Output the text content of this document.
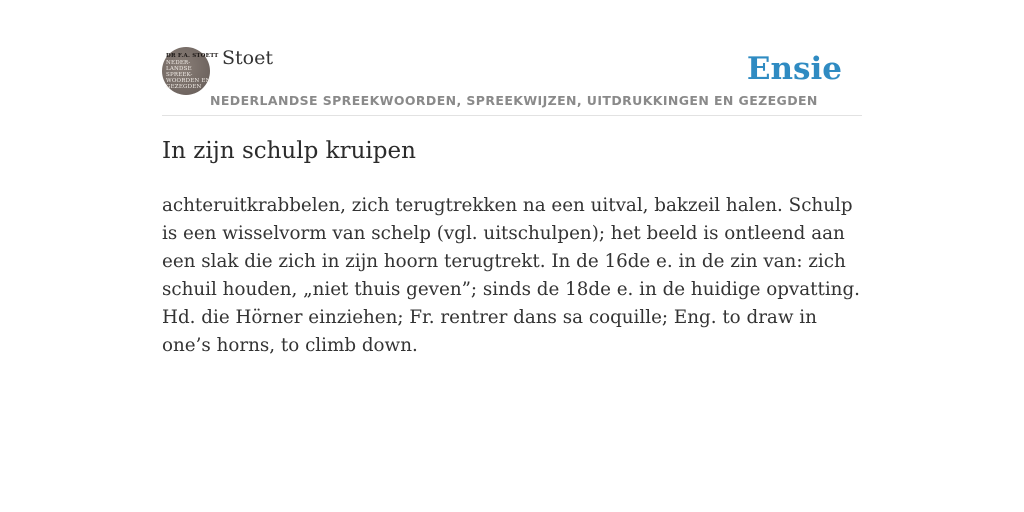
DR F.A. STOETT
NEDER-
LANDSE
SPREEK-
WOORDEN EN
GEZEGDEN
Stoet
NEDERLANDSE SPREEKWOORDEN, SPREEKWIJZEN, UITDRUKKINGEN EN GEZEGDEN
Ensie
In zijn schulp kruipen

achteruitkrabbelen, zich terugtrekken na een uitval, bakzeil halen. Schulp is een wisselvorm van schelp (vgl. uitschulpen); het beeld is ontleend aan een slak die zich in zijn hoorn terugtrekt. In de 16de e. in de zin van: zich schuil houden, „niet thuis geven”; sinds de 18de e. in de huidige opvatting. Hd. die Hörner einziehen; Fr. rentrer dans sa coquille; Eng. to draw in one’s horns, to climb down.
